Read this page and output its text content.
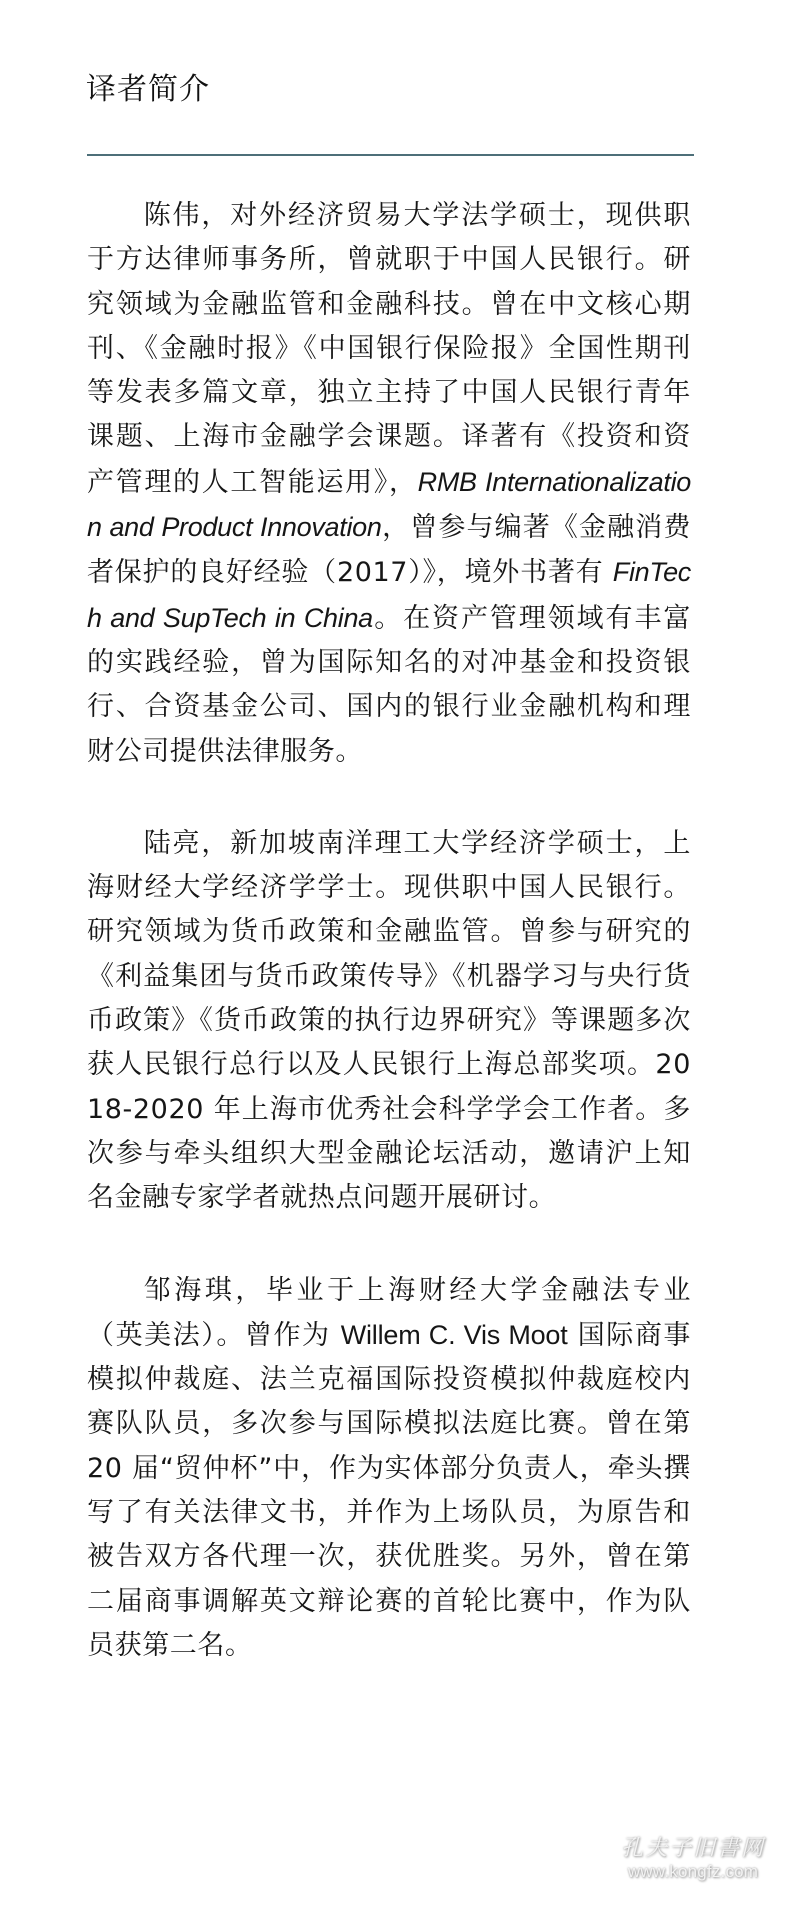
译者简介

陈伟，对外经济贸易大学法学硕士，现供职于方达律师事务所，曾就职于中国人民银行。研究领域为金融监管和金融科技。曾在中文核心期刊、《金融时报》《中国银行保险报》全国性期刊等发表多篇文章，独立主持了中国人民银行青年课题、上海市金融学会课题。译著有《投资和资产管理的人工智能运用》，RMB Internationalization and Product Innovation，曾参与编著《金融消费者保护的良好经验（2017）》，境外书著有 FinTech and SupTech in China。在资产管理领域有丰富的实践经验，曾为国际知名的对冲基金和投资银行、合资基金公司、国内的银行业金融机构和理财公司提供法律服务。

陆亮，新加坡南洋理工大学经济学硕士，上海财经大学经济学学士。现供职中国人民银行。研究领域为货币政策和金融监管。曾参与研究的《利益集团与货币政策传导》《机器学习与央行货币政策》《货币政策的执行边界研究》等课题多次获人民银行总行以及人民银行上海总部奖项。2018-2020 年上海市优秀社会科学学会工作者。多次参与牵头组织大型金融论坛活动，邀请沪上知名金融专家学者就热点问题开展研讨。

邹海琪，毕业于上海财经大学金融法专业（英美法）。曾作为 Willem C. Vis Moot 国际商事模拟仲裁庭、法兰克福国际投资模拟仲裁庭校内赛队队员，多次参与国际模拟法庭比赛。曾在第 20 届“贸仲杯”中，作为实体部分负责人，牵头撰写了有关法律文书，并作为上场队员，为原告和被告双方各代理一次，获优胜奖。另外，曾在第二届商事调解英文辩论赛的首轮比赛中，作为队员获第二名。

孔夫子旧書网
www.kongfz.com
